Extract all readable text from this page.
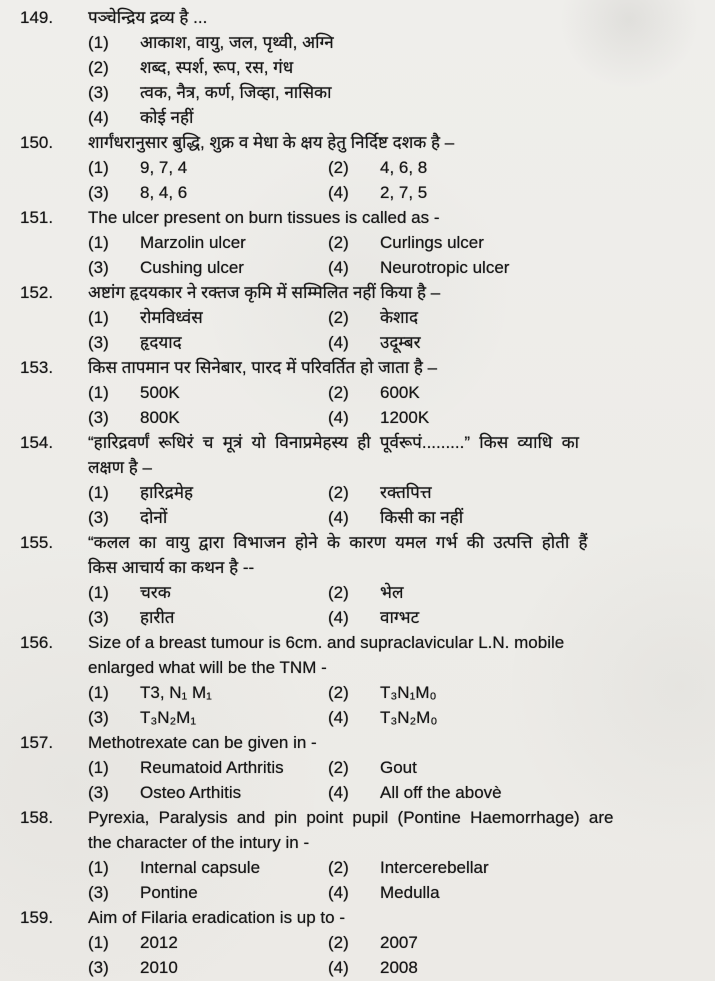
149.	पञ्चेन्द्रिय द्रव्य है ...
(1)	आकाश, वायु, जल, पृथ्वी, अग्नि
(2)	शब्द, स्पर्श, रूप, रस, गंध
(3)	त्वक, नैत्र, कर्ण, जिव्हा, नासिका
(4)	कोई नहीं
150.	शार्गंधरानुसार बुद्धि, शुक्र व मेधा के क्षय हेतु निर्दिष्ट दशक है –
(1)	9, 7, 4	(2)	4, 6, 8
(3)	8, 4, 6	(4)	2, 7, 5
151.	The ulcer present on burn tissues is called as -
(1)	Marzolin ulcer	(2)	Curlings ulcer
(3)	Cushing ulcer	(4)	Neurotropic ulcer
152.	अष्टांग हृदयकार ने रक्तज कृमि में सम्मिलित नहीं किया है –
(1)	रोमविध्वंस	(2)	केशाद
(3)	हृदयाद	(4)	उदूम्बर
153.	किस तापमान पर सिनेबार, पारद में परिवर्तित हो जाता है –
(1)	500K	(2)	600K
(3)	800K	(4)	1200K
154.	“हारिद्रवर्णं रूधिरं च मूत्रं यो विनाप्रमेहस्य ही पूर्वरूपं.........” किस व्याधि का
लक्षण है –
(1)	हारिद्रमेह	(2)	रक्तपित्त
(3)	दोनों	(4)	किसी का नहीं
155.	“कलल का वायु द्वारा विभाजन होने के कारण यमल गर्भ की उत्पत्ति होती हैं
किस आचार्य का कथन है --
(1)	चरक	(2)	भेल
(3)	हारीत	(4)	वाग्भट
156.	Size of a breast tumour is 6cm. and supraclavicular L.N. mobile
enlarged what will be the TNM -
(1)	T3, N₁ M₁	(2)	T₃N₁M₀
(3)	T₃N₂M₁	(4)	T₃N₂M₀
157.	Methotrexate can be given in -
(1)	Reumatoid Arthritis	(2)	Gout
(3)	Osteo Arthitis	(4)	All off the abovè
158.	Pyrexia, Paralysis and pin point pupil (Pontine Haemorrhage) are
the character of the intury in -
(1)	Internal capsule	(2)	Intercerebellar
(3)	Pontine	(4)	Medulla
159.	Aim of Filaria eradication is up to -
(1)	2012	(2)	2007
(3)	2010	(4)	2008
